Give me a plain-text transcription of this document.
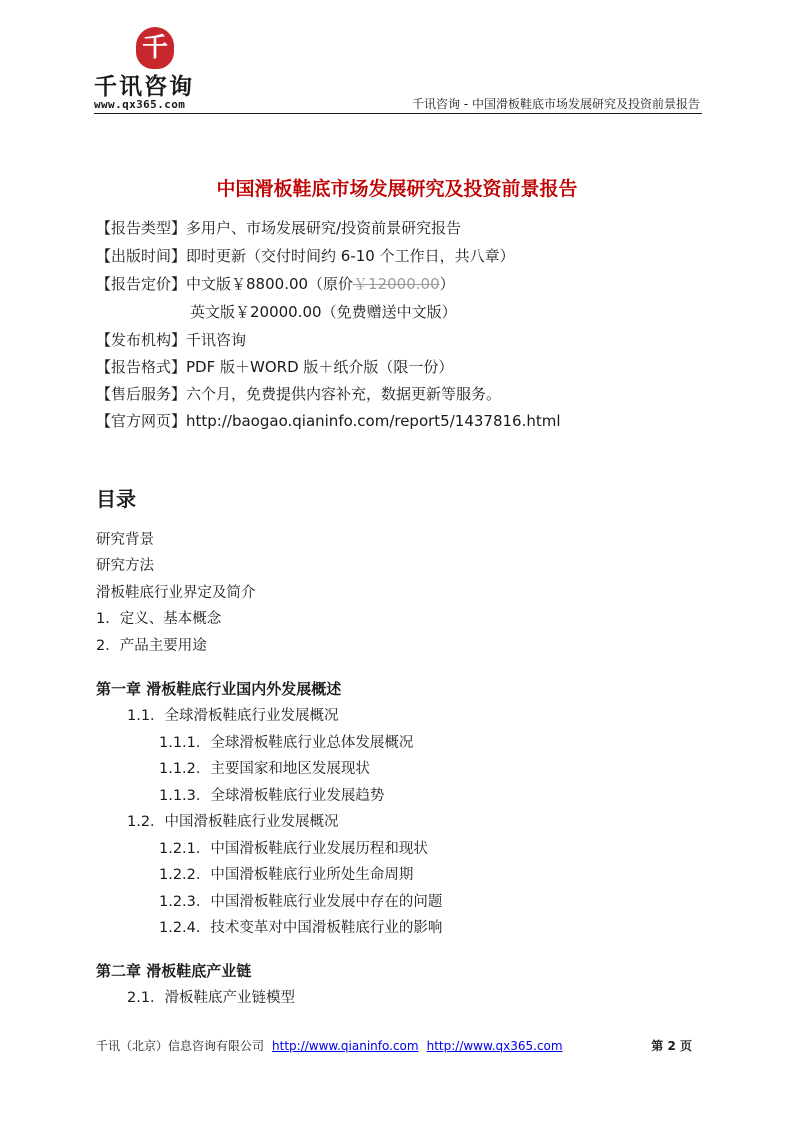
千
千讯咨询
www.qx365.com	千讯咨询 - 中国滑板鞋底市场发展研究及投资前景报告
中国滑板鞋底市场发展研究及投资前景报告
【报告类型】多用户、市场发展研究/投资前景研究报告
【出版时间】即时更新（交付时间约 6-10 个工作日，共八章）
【报告定价】中文版￥8800.00（原价￥12000.00）
英文版￥20000.00（免费赠送中文版）
【发布机构】千讯咨询
【报告格式】PDF 版＋WORD 版＋纸介版（限一份）
【售后服务】六个月，免费提供内容补充，数据更新等服务。
【官方网页】http://baogao.qianinfo.com/report5/1437816.html
目录
研究背景
研究方法
滑板鞋底行业界定及简介
1．定义、基本概念
2．产品主要用途
第一章 滑板鞋底行业国内外发展概述
1.1．全球滑板鞋底行业发展概况
1.1.1．全球滑板鞋底行业总体发展概况
1.1.2．主要国家和地区发展现状
1.1.3．全球滑板鞋底行业发展趋势
1.2．中国滑板鞋底行业发展概况
1.2.1．中国滑板鞋底行业发展历程和现状
1.2.2．中国滑板鞋底行业所处生命周期
1.2.3．中国滑板鞋底行业发展中存在的问题
1.2.4．技术变革对中国滑板鞋底行业的影响
第二章 滑板鞋底产业链
2.1．滑板鞋底产业链模型
千讯（北京）信息咨询有限公司 http://www.qianinfo.com http://www.qx365.com	第 2 页
